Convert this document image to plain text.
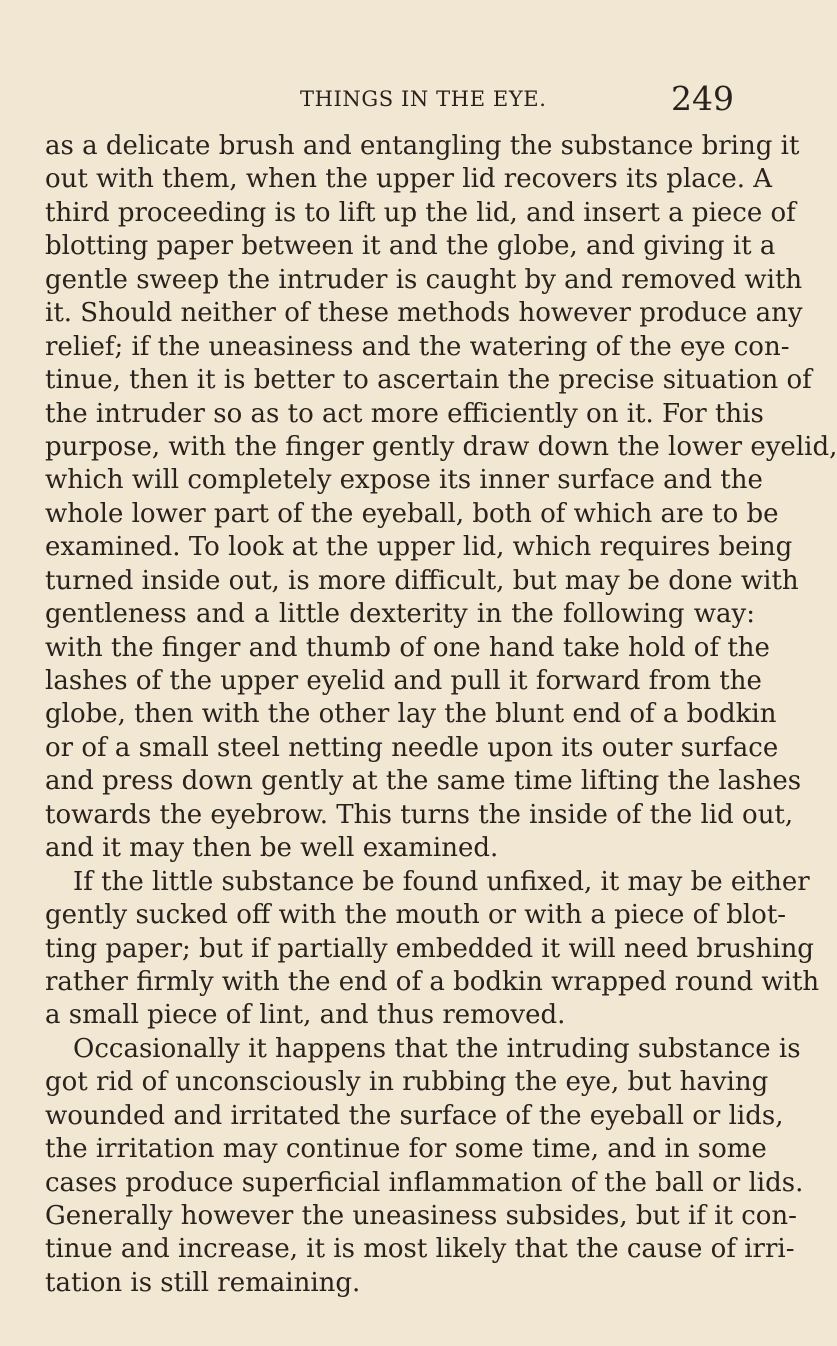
THINGS IN THE EYE.	249
as a delicate brush and entangling the substance bring it
out with them, when the upper lid recovers its place. A
third proceeding is to lift up the lid, and insert a piece of
blotting paper between it and the globe, and giving it a
gentle sweep the intruder is caught by and removed with
it. Should neither of these methods however produce any
relief; if the uneasiness and the watering of the eye con-
tinue, then it is better to ascertain the precise situation of
the intruder so as to act more efficiently on it. For this
purpose, with the finger gently draw down the lower eyelid,
which will completely expose its inner surface and the
whole lower part of the eyeball, both of which are to be
examined. To look at the upper lid, which requires being
turned inside out, is more difficult, but may be done with
gentleness and a little dexterity in the following way:
with the finger and thumb of one hand take hold of the
lashes of the upper eyelid and pull it forward from the
globe, then with the other lay the blunt end of a bodkin
or of a small steel netting needle upon its outer surface
and press down gently at the same time lifting the lashes
towards the eyebrow. This turns the inside of the lid out,
and it may then be well examined.
If the little substance be found unfixed, it may be either
gently sucked off with the mouth or with a piece of blot-
ting paper; but if partially embedded it will need brushing
rather firmly with the end of a bodkin wrapped round with
a small piece of lint, and thus removed.
Occasionally it happens that the intruding substance is
got rid of unconsciously in rubbing the eye, but having
wounded and irritated the surface of the eyeball or lids,
the irritation may continue for some time, and in some
cases produce superficial inflammation of the ball or lids.
Generally however the uneasiness subsides, but if it con-
tinue and increase, it is most likely that the cause of irri-
tation is still remaining.
